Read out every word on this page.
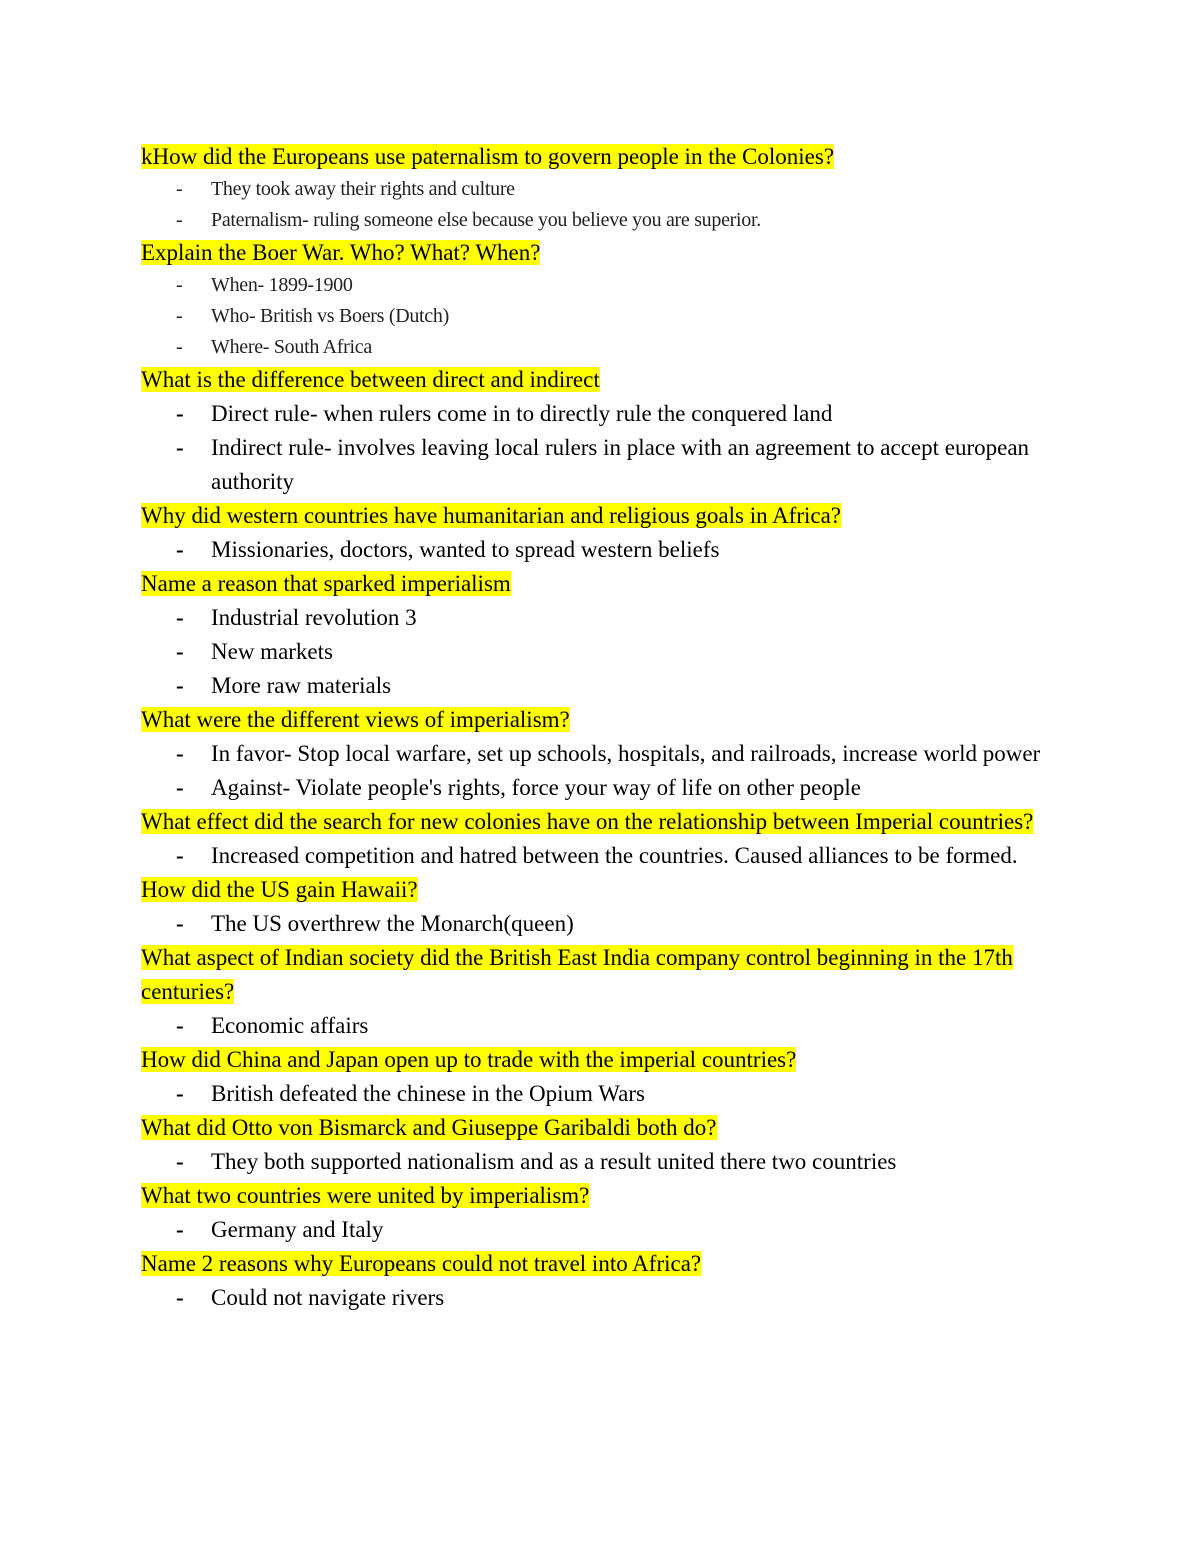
kHow did the Europeans use paternalism to govern people in the Colonies?

-	They took away their rights and culture
-	Paternalism- ruling someone else because you believe you are superior.

Explain the Boer War. Who? What? When?

-	When- 1899-1900
-	Who- British vs Boers (Dutch)
-	Where- South Africa

What is the difference between direct and indirect

-	Direct rule- when rulers come in to directly rule the conquered land
-	Indirect rule- involves leaving local rulers in place with an agreement to accept european authority

Why did western countries have humanitarian and religious goals in Africa?

-	Missionaries, doctors, wanted to spread western beliefs

Name a reason that sparked imperialism

-	Industrial revolution 3
-	New markets
-	More raw materials

What were the different views of imperialism?

-	In favor- Stop local warfare, set up schools, hospitals, and railroads, increase world power
-	Against- Violate people's rights, force your way of life on other people

What effect did the search for new colonies have on the relationship between Imperial countries?

-	Increased competition and hatred between the countries. Caused alliances to be formed.

How did the US gain Hawaii?

-	The US overthrew the Monarch(queen)

What aspect of Indian society did the British East India company control beginning in the 17th centuries?

-	Economic affairs

How did China and Japan open up to trade with the imperial countries?

-	British defeated the chinese in the Opium Wars

What did Otto von Bismarck and Giuseppe Garibaldi both do?

-	They both supported nationalism and as a result united there two countries

What two countries were united by imperialism?

-	Germany and Italy

Name 2 reasons why Europeans could not travel into Africa?

-	Could not navigate rivers
